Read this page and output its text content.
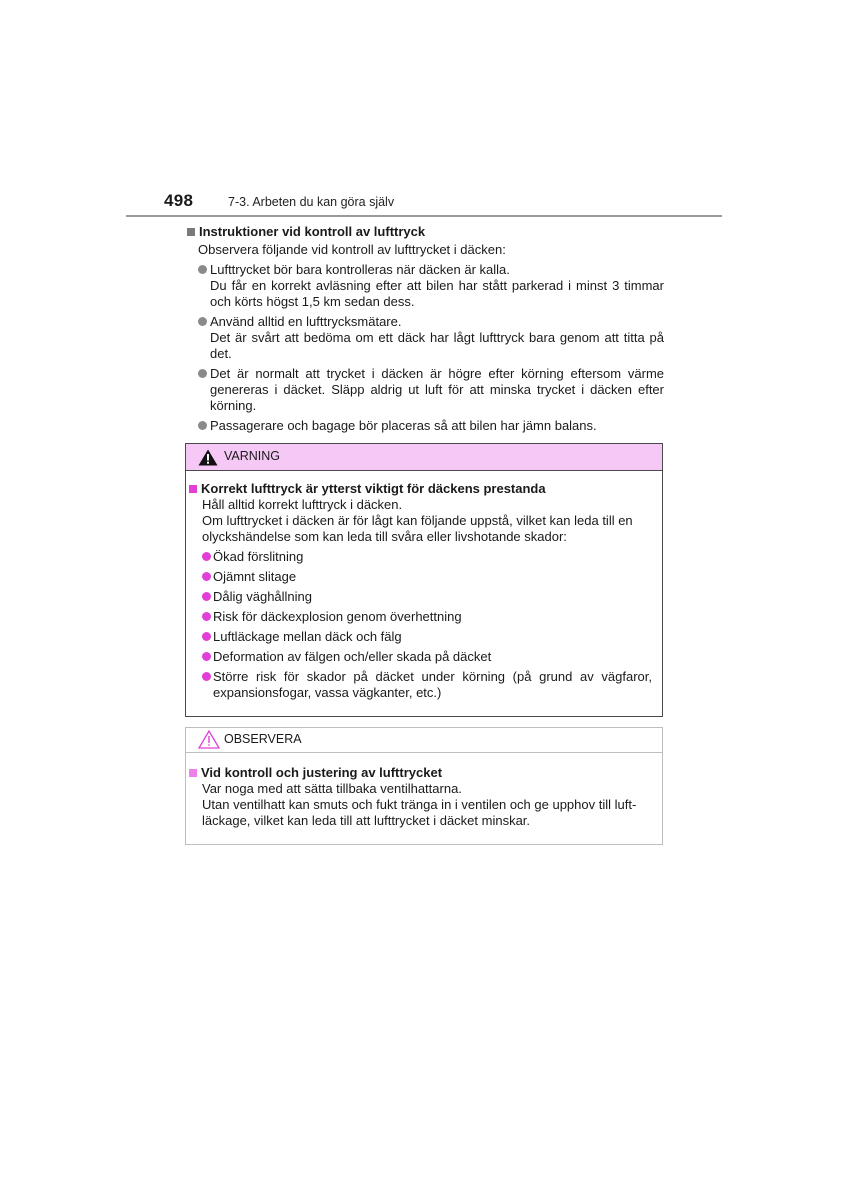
498	7-3. Arbeten du kan göra själv
Instruktioner vid kontroll av lufttryck
Observera följande vid kontroll av lufttrycket i däcken:
Lufttrycket bör bara kontrolleras när däcken är kalla.
Du får en korrekt avläsning efter att bilen har stått parkerad i minst 3 timmar och körts högst 1,5 km sedan dess.
Använd alltid en lufttrycksmätare.
Det är svårt att bedöma om ett däck har lågt lufttryck bara genom att titta på det.
Det är normalt att trycket i däcken är högre efter körning eftersom värme genereras i däcket. Släpp aldrig ut luft för att minska trycket i däcken efter körning.
Passagerare och bagage bör placeras så att bilen har jämn balans.
VARNING
Korrekt lufttryck är ytterst viktigt för däckens prestanda
Håll alltid korrekt lufttryck i däcken.
Om lufttrycket i däcken är för lågt kan följande uppstå, vilket kan leda till en olyckshändelse som kan leda till svåra eller livshotande skador:
Ökad förslitning
Ojämnt slitage
Dålig väghållning
Risk för däckexplosion genom överhettning
Luftläckage mellan däck och fälg
Deformation av fälgen och/eller skada på däcket
Större risk för skador på däcket under körning (på grund av vägfaror, expansionsfogar, vassa vägkanter, etc.)
OBSERVERA
Vid kontroll och justering av lufttrycket
Var noga med att sätta tillbaka ventilhattarna.
Utan ventilhatt kan smuts och fukt tränga in i ventilen och ge upphov till luft-läckage, vilket kan leda till att lufttrycket i däcket minskar.
